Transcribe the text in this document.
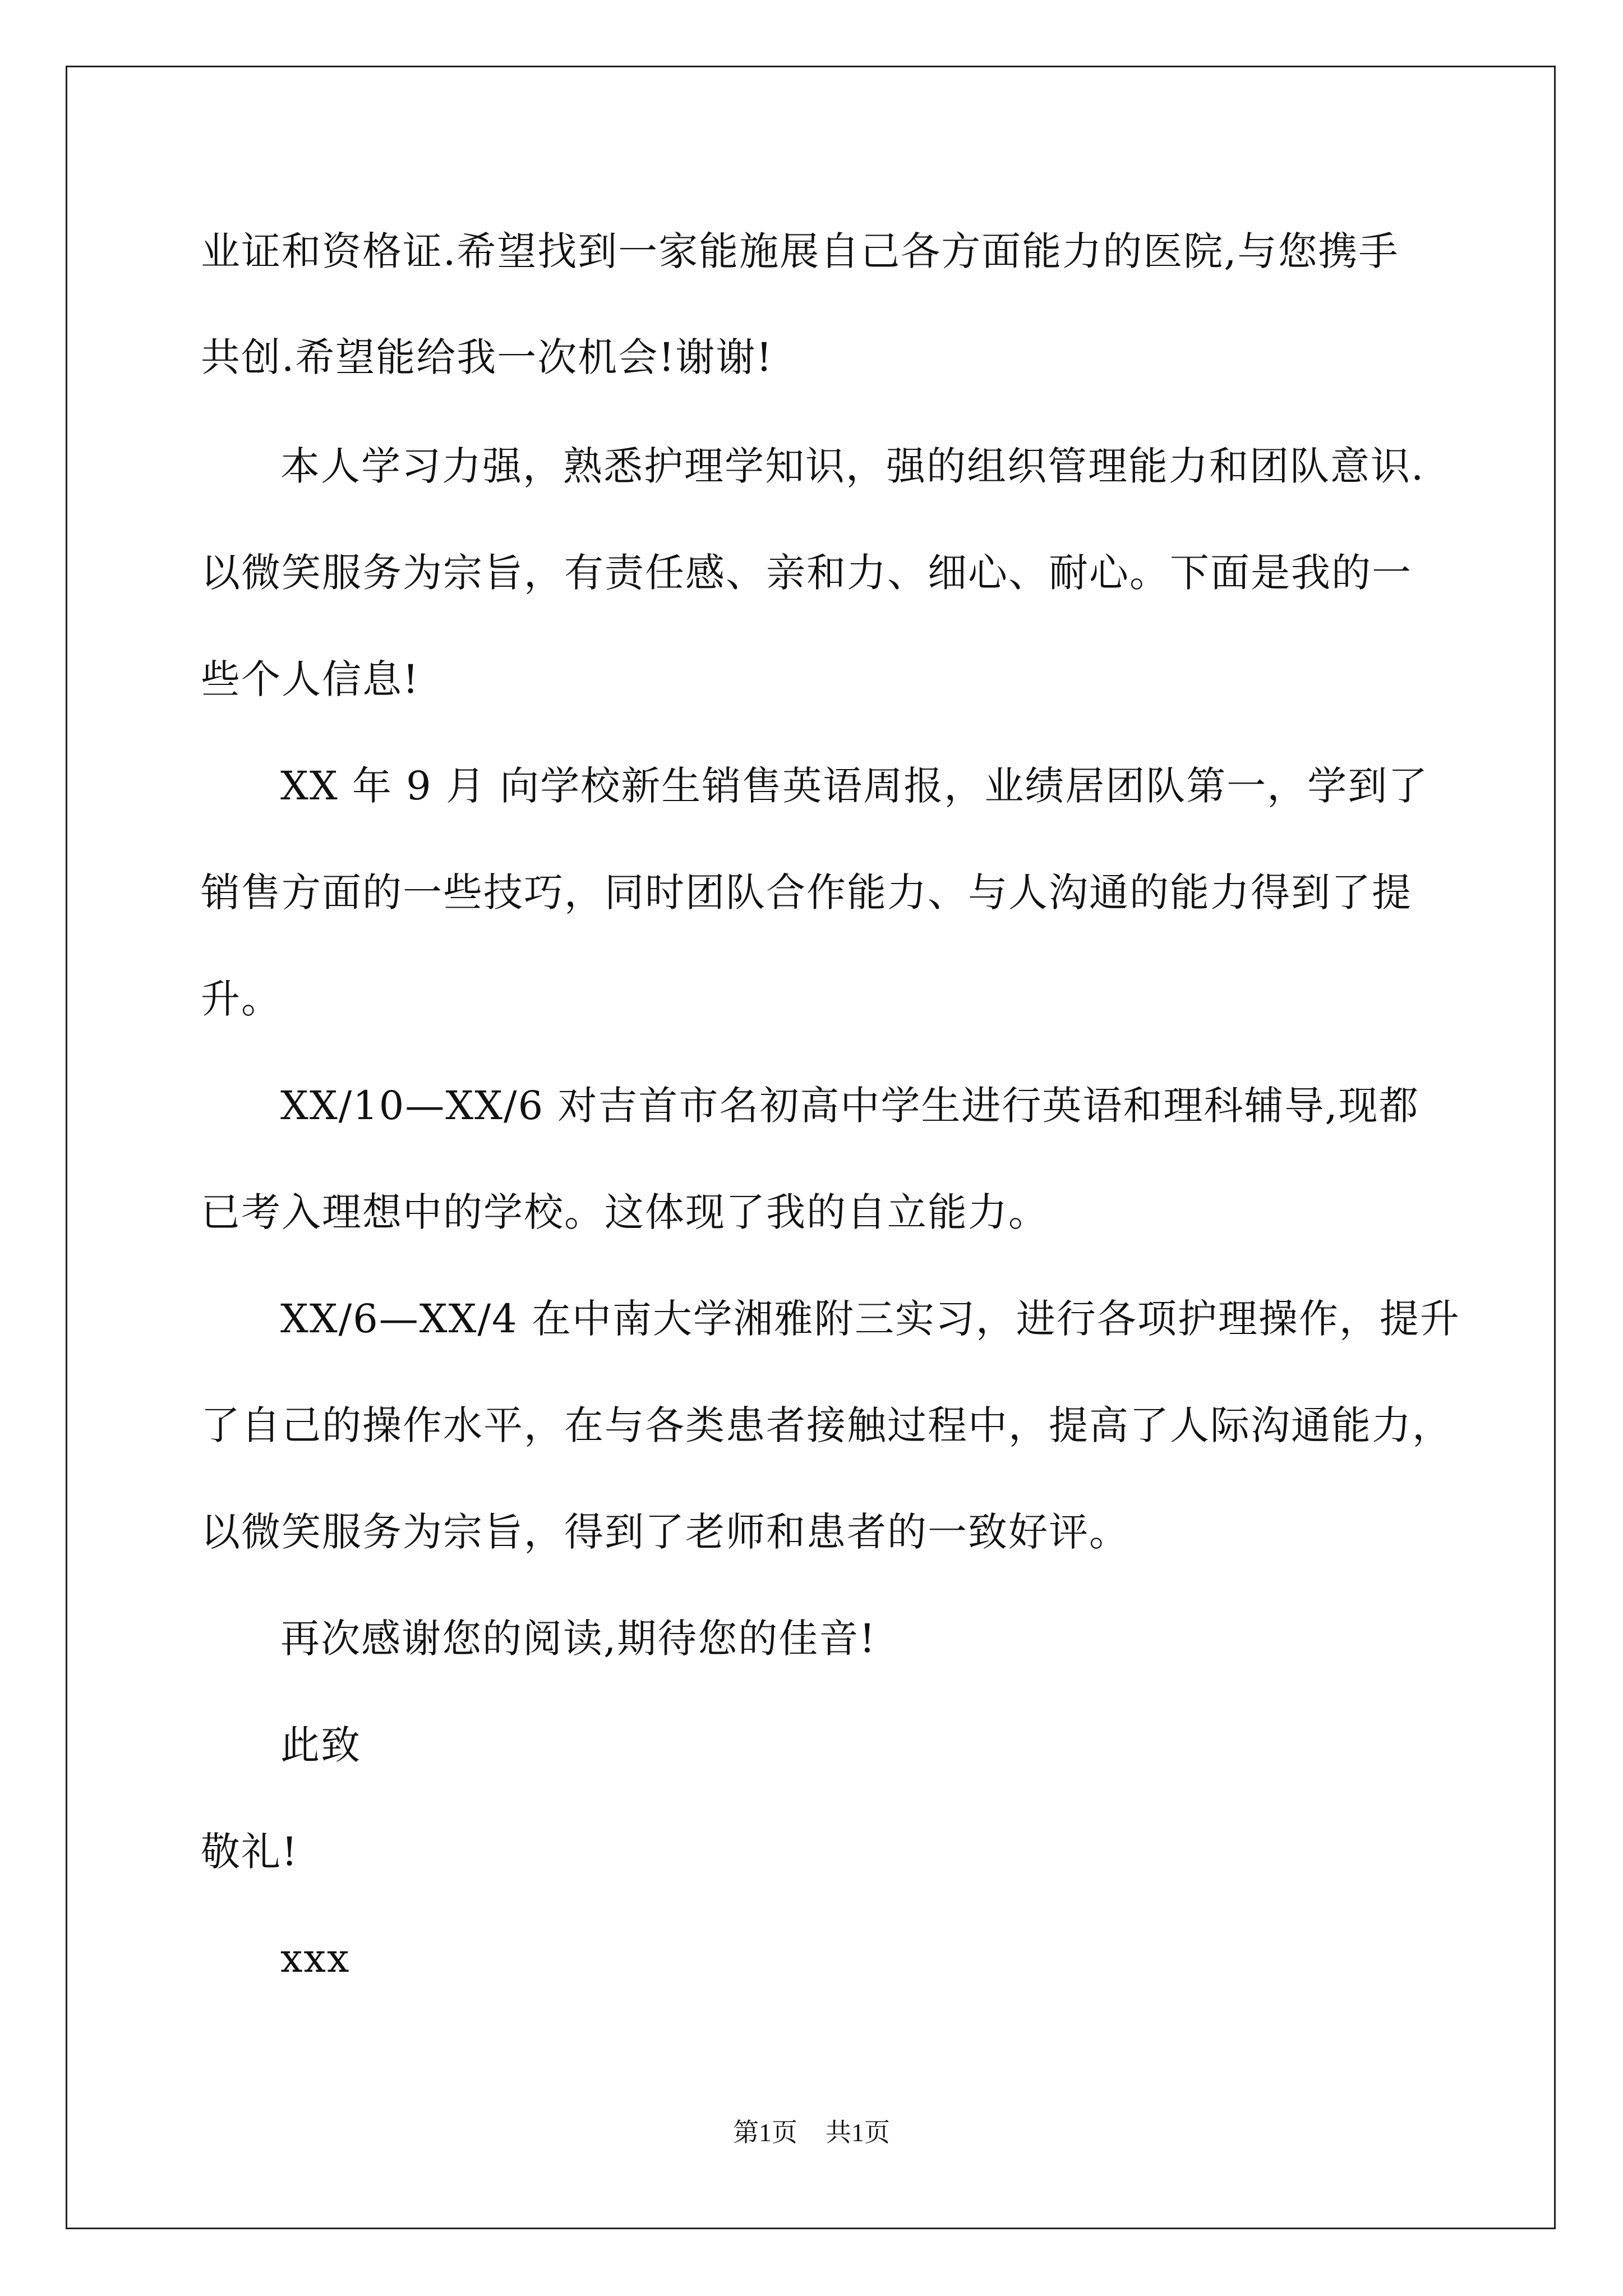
业证和资格证.希望找到一家能施展自己各方面能力的医院,与您携手
共创.希望能给我一次机会!谢谢!
本人学习力强，熟悉护理学知识，强的组织管理能力和团队意识.
以微笑服务为宗旨，有责任感、亲和力、细心、耐心。下面是我的一
些个人信息!
XX 年 9 月 向学校新生销售英语周报，业绩居团队第一，学到了
销售方面的一些技巧，同时团队合作能力、与人沟通的能力得到了提
升。
XX/10—XX/6 对吉首市名初高中学生进行英语和理科辅导,现都
已考入理想中的学校。这体现了我的自立能力。
XX/6—XX/4 在中南大学湘雅附三实习，进行各项护理操作，提升
了自己的操作水平，在与各类患者接触过程中，提高了人际沟通能力，
以微笑服务为宗旨，得到了老师和患者的一致好评。
再次感谢您的阅读,期待您的佳音!
此致
敬礼!
xxx
第1页 共1页
